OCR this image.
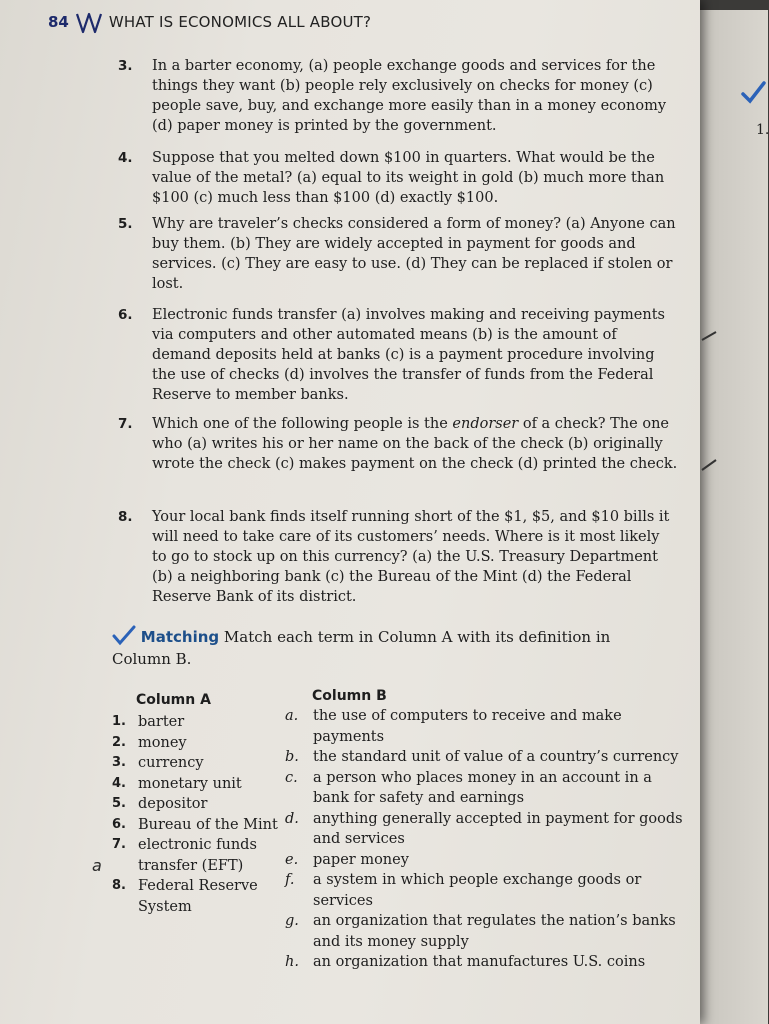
1.
84	WHAT IS ECONOMICS ALL ABOUT?
3.	In a barter economy, (a) people exchange goods and services for the things they want (b) people rely exclusively on checks for money (c) people save, buy, and exchange more easily than in a money economy (d) paper money is printed by the government.
4.	Suppose that you melted down $100 in quarters. What would be the value of the metal? (a) equal to its weight in gold (b) much more than $100 (c) much less than $100 (d) exactly $100.
5.	Why are traveler’s checks considered a form of money? (a) Anyone can buy them. (b) They are widely accepted in payment for goods and services. (c) They are easy to use. (d) They can be replaced if stolen or lost.
6.	Electronic funds transfer (a) involves making and receiving payments via computers and other automated means (b) is the amount of demand deposits held at banks (c) is a payment procedure involving the use of checks (d) involves the transfer of funds from the Federal Reserve to member banks.
7.	Which one of the following people is the endorser of a check? The one who (a) writes his or her name on the back of the check (b) originally wrote the check (c) makes payment on the check (d) printed the check.
8.	Your local bank finds itself running short of the $1, $5, and $10 bills it will need to take care of its customers’ needs. Where is it most likely to go to stock up on this currency? (a) the U.S. Treasury Department (b) a neighboring bank (c) the Bureau of the Mint (d) the Federal Reserve Bank of its district.
Matching Match each term in Column A with its definition in Column B.
Column A	Column B
1. barter
2. money
3. currency
4. monetary unit
5. depositor
6. Bureau of the Mint
7. electronic funds transfer (EFT)
8. Federal Reserve System
a.	the use of computers to receive and make payments
b. the standard unit of value of a country’s currency
c.	a person who places money in an account in a bank for safety and earnings
d. anything generally accepted in payment for goods and services
e.	paper money
f.	a system in which people exchange goods or services
g. an organization that regulates the nation’s banks and its money supply
h. an organization that manufactures U.S. coins
a
